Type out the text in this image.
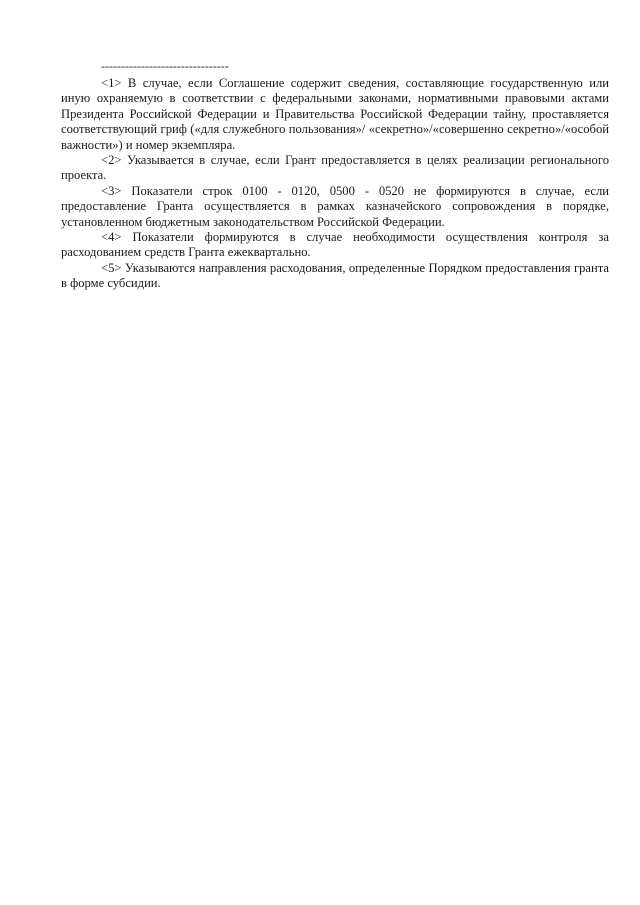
--------------------------------

<1> В случае, если Соглашение содержит сведения, составляющие государственную или иную охраняемую в соответствии с федеральными законами, нормативными правовыми актами Президента Российской Федерации и Правительства Российской Федерации тайну, проставляется соответствующий гриф («для служебного пользования»/ «секретно»/«совершенно секретно»/«особой важности») и номер экземпляра.

<2> Указывается в случае, если Грант предоставляется в целях реализации регионального проекта.

<3> Показатели строк 0100 - 0120, 0500 - 0520 не формируются в случае, если предоставление Гранта осуществляется в рамках казначейского сопровождения в порядке, установленном бюджетным законодательством Российской Федерации.

<4> Показатели формируются в случае необходимости осуществления контроля за расходованием средств Гранта ежеквартально.

<5> Указываются направления расходования, определенные Порядком предоставления гранта в форме субсидии.
